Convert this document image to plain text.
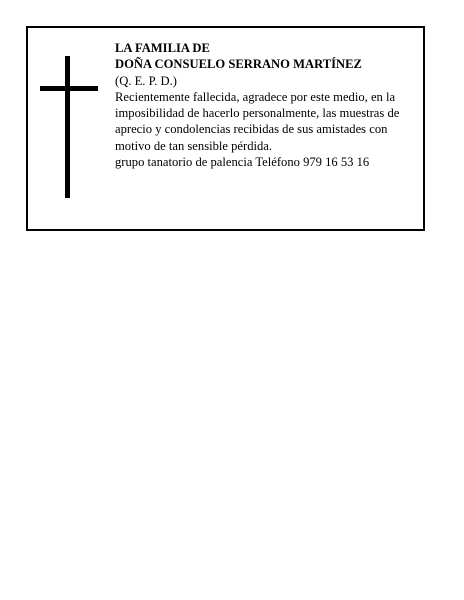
LA FAMILIA DE
DOÑA CONSUELO SERRANO MARTÍNEZ
(Q. E. P. D.)
Recientemente fallecida, agradece por este medio, en la imposibilidad de hacerlo personalmente, las muestras de aprecio y condolencias recibidas de sus amistades con motivo de tan sensible pérdida.
grupo tanatorio de palencia Teléfono 979 16 53 16
